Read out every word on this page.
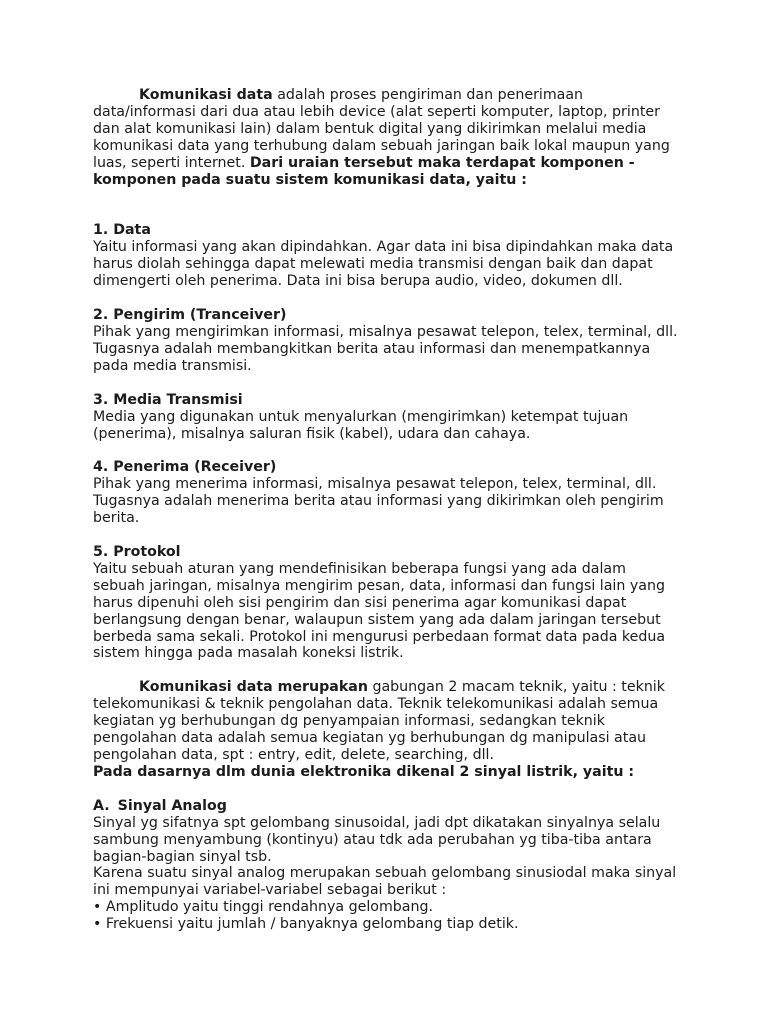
Komunikasi data adalah proses pengiriman dan penerimaan data/informasi dari dua atau lebih device (alat seperti komputer, laptop, printer dan alat komunikasi lain) dalam bentuk digital yang dikirimkan melalui media komunikasi data yang terhubung dalam sebuah jaringan baik lokal maupun yang luas, seperti internet. Dari uraian tersebut maka terdapat komponen - komponen pada suatu sistem komunikasi data, yaitu :

1. Data
Yaitu informasi yang akan dipindahkan. Agar data ini bisa dipindahkan maka data harus diolah sehingga dapat melewati media transmisi dengan baik dan dapat dimengerti oleh penerima. Data ini bisa berupa audio, video, dokumen dll.
2. Pengirim (Tranceiver)
Pihak yang mengirimkan informasi, misalnya pesawat telepon, telex, terminal, dll. Tugasnya adalah membangkitkan berita atau informasi dan menempatkannya pada media transmisi.
3. Media Transmisi
Media yang digunakan untuk menyalurkan (mengirimkan) ketempat tujuan (penerima), misalnya saluran fisik (kabel), udara dan cahaya.
4. Penerima (Receiver)
Pihak yang menerima informasi, misalnya pesawat telepon, telex, terminal, dll. Tugasnya adalah menerima berita atau informasi yang dikirimkan oleh pengirim berita.
5. Protokol
Yaitu sebuah aturan yang mendefinisikan beberapa fungsi yang ada dalam sebuah jaringan, misalnya mengirim pesan, data, informasi dan fungsi lain yang harus dipenuhi oleh sisi pengirim dan sisi penerima agar komunikasi dapat berlangsung dengan benar, walaupun sistem yang ada dalam jaringan tersebut berbeda sama sekali. Protokol ini mengurusi perbedaan format data pada kedua sistem hingga pada masalah koneksi listrik.

Komunikasi data merupakan gabungan 2 macam teknik, yaitu : teknik telekomunikasi & teknik pengolahan data. Teknik telekomunikasi adalah semua kegiatan yg berhubungan dg penyampaian informasi, sedangkan teknik pengolahan data adalah semua kegiatan yg berhubungan dg manipulasi atau pengolahan data, spt : entry, edit, delete, searching, dll.

Pada dasarnya dlm dunia elektronika dikenal 2 sinyal listrik, yaitu :

A. Sinyal Analog
Sinyal yg sifatnya spt gelombang sinusoidal, jadi dpt dikatakan sinyalnya selalu sambung menyambung (kontinyu) atau tdk ada perubahan yg tiba-tiba antara bagian-bagian sinyal tsb.
Karena suatu sinyal analog merupakan sebuah gelombang sinusiodal maka sinyal ini mempunyai variabel-variabel sebagai berikut :
• Amplitudo yaitu tinggi rendahnya gelombang.
• Frekuensi yaitu jumlah / banyaknya gelombang tiap detik.
